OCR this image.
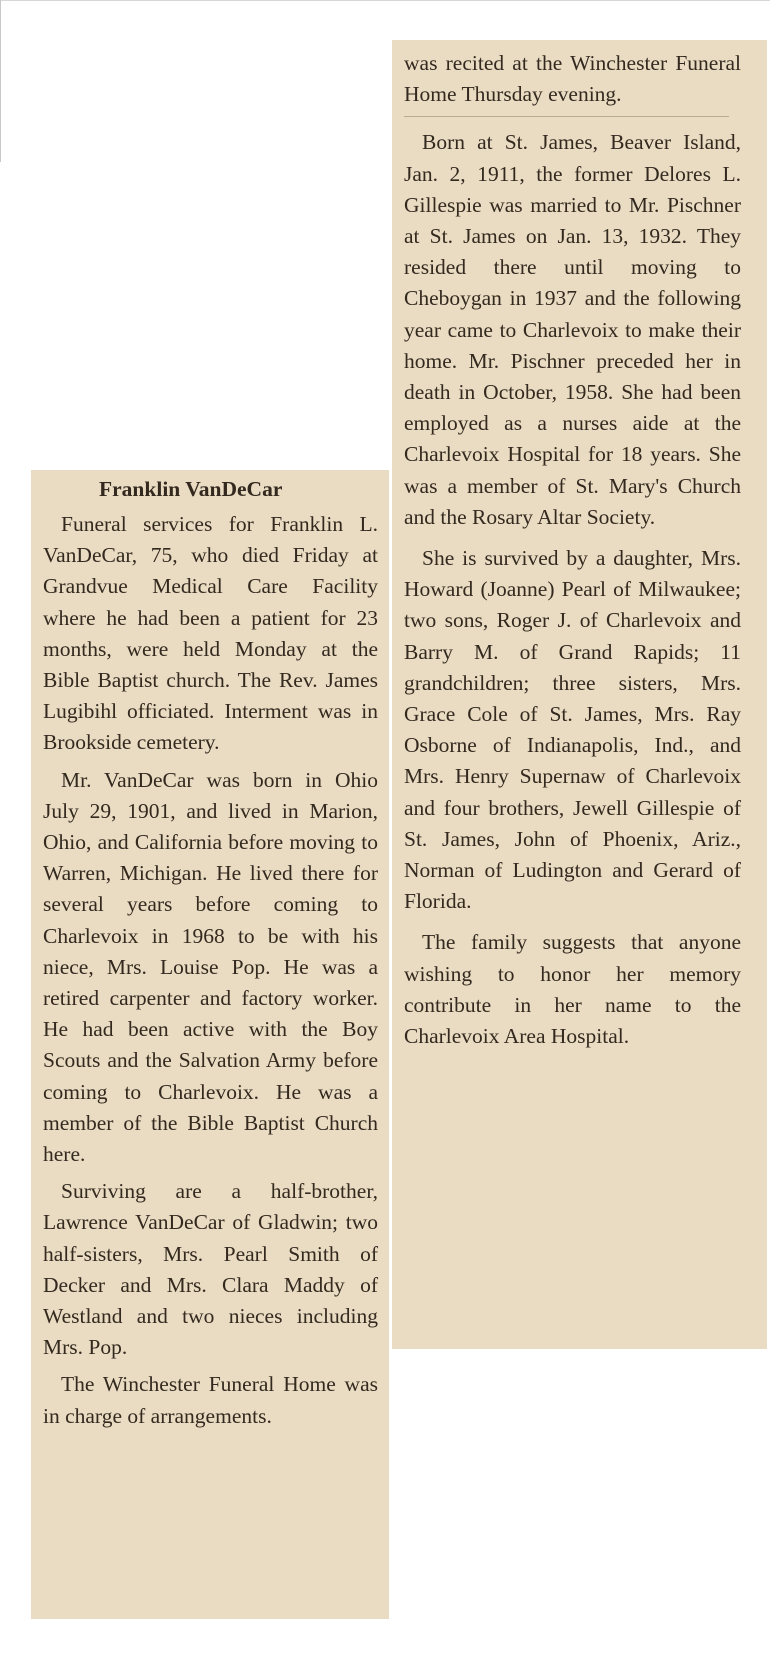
was recited at the Winchester Funeral Home Thursday evening.

Born at St. James, Beaver Island, Jan. 2, 1911, the former Delores L. Gillespie was married to Mr. Pischner at St. James on Jan. 13, 1932. They resided there until moving to Cheboygan in 1937 and the following year came to Charlevoix to make their home. Mr. Pischner preceded her in death in October, 1958. She had been employed as a nurses aide at the Charlevoix Hospital for 18 years. She was a member of St. Mary's Church and the Rosary Altar Society.

She is survived by a daughter, Mrs. Howard (Joanne) Pearl of Milwaukee; two sons, Roger J. of Charlevoix and Barry M. of Grand Rapids; 11 grandchildren; three sisters, Mrs. Grace Cole of St. James, Mrs. Ray Osborne of Indianapolis, Ind., and Mrs. Henry Supernaw of Charlevoix and four brothers, Jewell Gillespie of St. James, John of Phoenix, Ariz., Norman of Ludington and Gerard of Florida.

The family suggests that anyone wishing to honor her memory contribute in her name to the Charlevoix Area Hospital.

Franklin VanDeCar

Funeral services for Franklin L. VanDeCar, 75, who died Friday at Grandvue Medical Care Facility where he had been a patient for 23 months, were held Monday at the Bible Baptist church. The Rev. James Lugibihl officiated. Interment was in Brookside cemetery.

Mr. VanDeCar was born in Ohio July 29, 1901, and lived in Marion, Ohio, and California before moving to Warren, Michigan. He lived there for several years before coming to Charlevoix in 1968 to be with his niece, Mrs. Louise Pop. He was a retired carpenter and factory worker. He had been active with the Boy Scouts and the Salvation Army before coming to Charlevoix. He was a member of the Bible Baptist Church here.

Surviving are a half-brother, Lawrence VanDeCar of Gladwin; two half-sisters, Mrs. Pearl Smith of Decker and Mrs. Clara Maddy of Westland and two nieces including Mrs. Pop.

The Winchester Funeral Home was in charge of arrangements.
